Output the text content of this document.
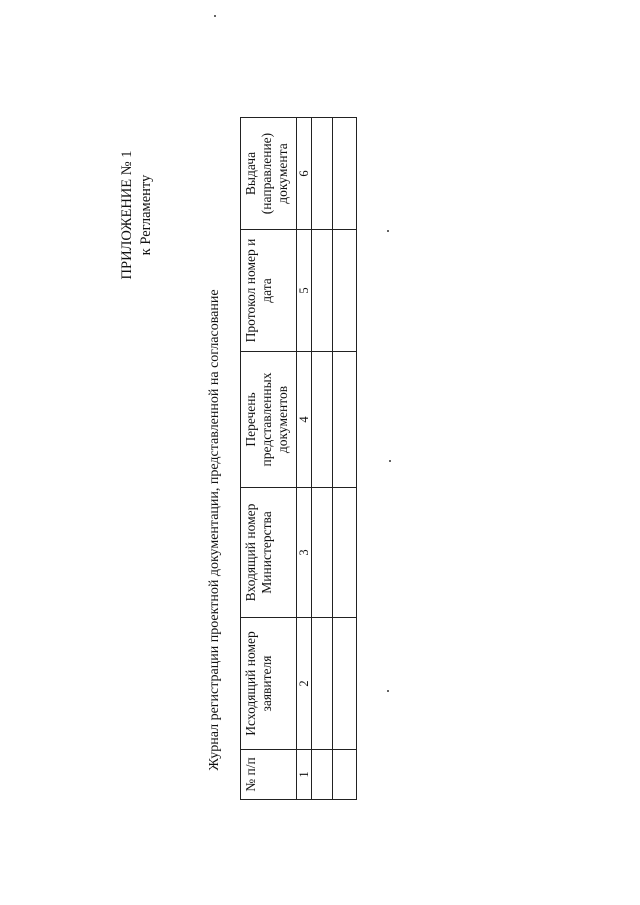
ПРИЛОЖЕНИЕ № 1 к Регламенту
Журнал регистрации проектной документации, представленной на согласование
№ п/п	Исходящий номер заявителя	Входящий номер Министерства	Перечень представленных документов	Протокол номер и дата	Выдача (направление) документа
1	2	3	4	5	6
